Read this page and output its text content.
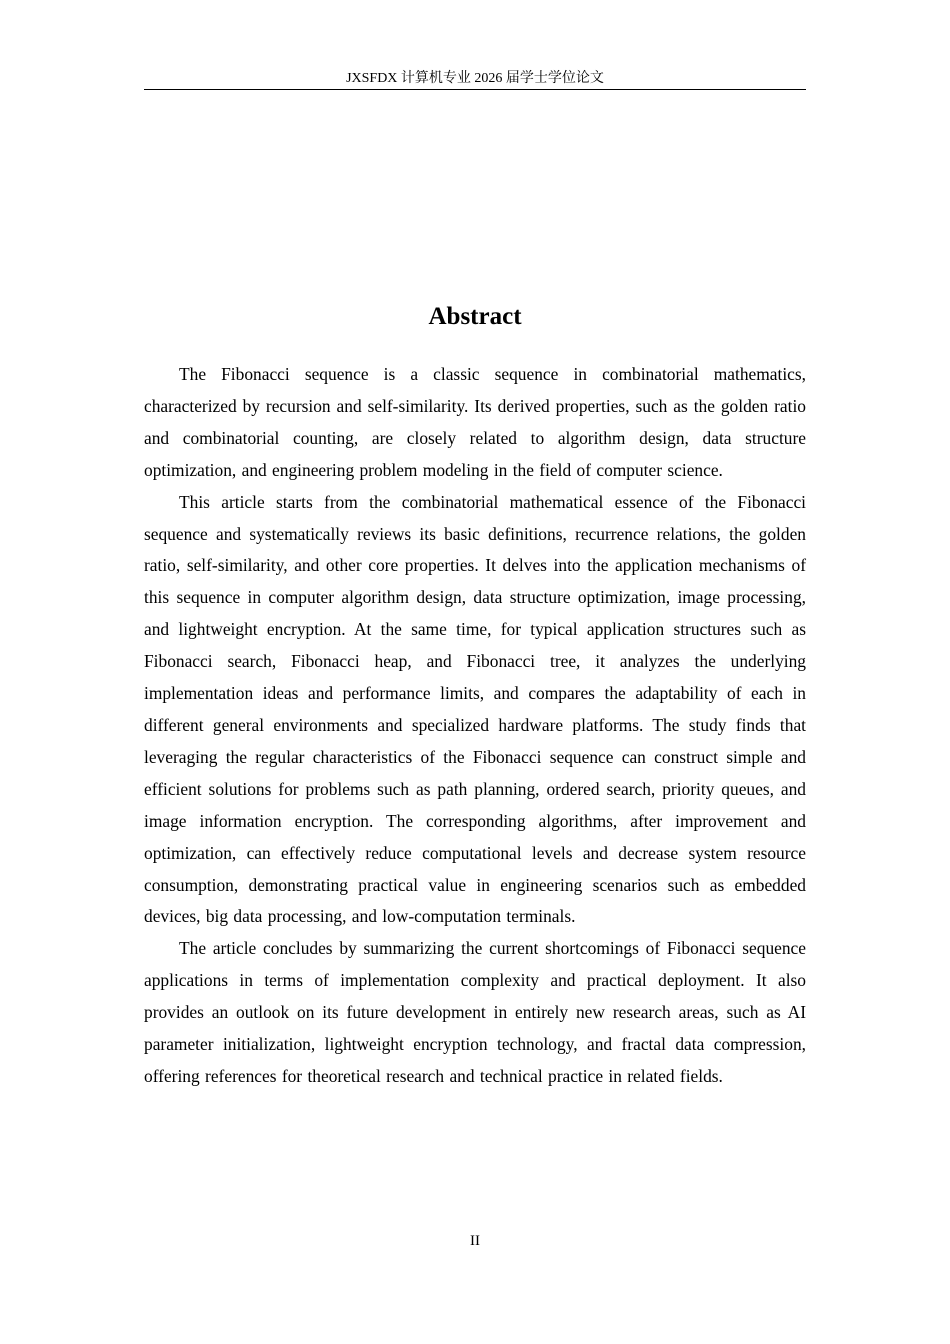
JXSFDX 计算机专业 2026 届学士学位论文
Abstract

The Fibonacci sequence is a classic sequence in combinatorial mathematics, characterized by recursion and self-similarity. Its derived properties, such as the golden ratio and combinatorial counting, are closely related to algorithm design, data structure optimization, and engineering problem modeling in the field of computer science.

This article starts from the combinatorial mathematical essence of the Fibonacci sequence and systematically reviews its basic definitions, recurrence relations, the golden ratio, self-similarity, and other core properties. It delves into the application mechanisms of this sequence in computer algorithm design, data structure optimization, image processing, and lightweight encryption. At the same time, for typical application structures such as Fibonacci search, Fibonacci heap, and Fibonacci tree, it analyzes the underlying implementation ideas and performance limits, and compares the adaptability of each in different general environments and specialized hardware platforms. The study finds that leveraging the regular characteristics of the Fibonacci sequence can construct simple and efficient solutions for problems such as path planning, ordered search, priority queues, and image information encryption. The corresponding algorithms, after improvement and optimization, can effectively reduce computational levels and decrease system resource consumption, demonstrating practical value in engineering scenarios such as embedded devices, big data processing, and low-computation terminals.

The article concludes by summarizing the current shortcomings of Fibonacci sequence applications in terms of implementation complexity and practical deployment. It also provides an outlook on its future development in entirely new research areas, such as AI parameter initialization, lightweight encryption technology, and fractal data compression, offering references for theoretical research and technical practice in related fields.

II
